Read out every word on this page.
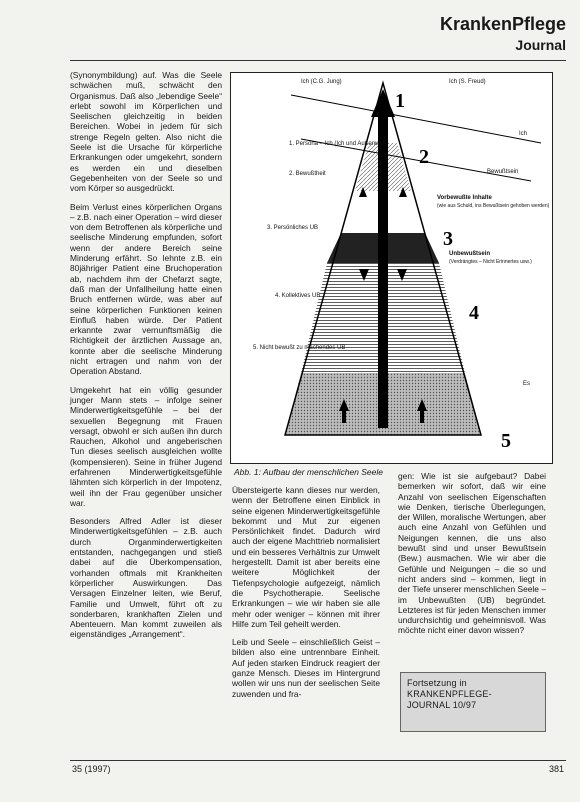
KrankenPflege
Journal

(Synonymbildung) auf. Was die Seele schwächen muß, schwächt den Organismus. Daß also „lebendige Seele“ erlebt sowohl im Körperlichen und Seelischen gleichzeitig in beiden Bereichen. Wobei in jedem für sich strenge Regeln gelten. Also nicht die Seele ist die Ursache für körperliche Erkrankungen oder umgekehrt, sondern es werden ein und dieselben Gegebenheiten von der Seele so und vom Körper so ausgedrückt.

Beim Verlust eines körperlichen Organs – z.B. nach einer Operation – wird dieser von dem Betroffenen als körperliche und seelische Minderung empfunden, sofort wenn der andere Bereich seine Minderung erfährt. So lehnte z.B. ein 80jähriger Patient eine Bruchoperation ab, nachdem ihm der Chefarzt sagte, daß man der Unfallheilung hatte einen Bruch entfernen würde, was aber auf seine körperlichen Funktionen keinen Einfluß haben würde. Der Patient erkannte zwar vernunftsmäßig die Richtigkeit der ärztlichen Aussage an, konnte aber die seelische Minderung nicht ertragen und nahm von der Operation Abstand.

Umgekehrt hat ein völlig gesunder junger Mann stets – infolge seiner Minderwertigkeitsgefühle – bei der sexuellen Begegnung mit Frauen versagt, obwohl er sich außen ihn durch Rauchen, Alkohol und angeberischen Tun dieses seelisch ausgleichen wollte (kompensieren). Seine in früher Jugend erfahrenen Minderwertigkeitsgefühle lähmten sich körperlich in der Impotenz, weil ihn der Frau gegenüber unsicher war.

Besonders Alfred Adler ist dieser Minderwertigkeitsgefühlen – z.B. auch durch Organminderwertigkeiten entstanden, nachgegangen und stieß dabei auf die Überkompensation, vorhanden oftmals mit Krankheiten körperlicher Auswirkungen. Das Versagen Einzelner leiten, wie Beruf, Familie und Umwelt, führt oft zu sonderbaren, krankhaften Zielen und Abenteuern. Man kommt zuweilen als eigenständiges „Arrangement“.

Ich (C.G. Jung)	Ich (S. Freud)
Ich
Bewußtsein
1. Persona – Ich (Ich und Außenwelt)
2. Bewußtheit
Vorbewußte Inhalte
(wie aus Schuld, ins Bewußtsein gehoben werden)
3. Persönliches UB
Unbewußtsein
(Verdrängtes – Nicht Erinnertes usw.)
4. Kollektives UB
5. Nicht bewußt zu machendes UB
Es
1
2
3
4
5
Abb. 1: Aufbau der menschlichen Seele

Übersteigerte kann dieses nur werden, wenn der Betroffene einen Einblick in seine eigenen Minderwertigkeitsgefühle bekommt und Mut zur eigenen Persönlichkeit findet. Dadurch wird auch der eigene Machttrieb normalisiert und ein besseres Verhältnis zur Umwelt hergestellt. Damit ist aber bereits eine weitere Möglichkeit der Tiefenpsychologie aufgezeigt, nämlich die Psychotherapie. Seelische Erkrankungen – wie wir haben sie alle mehr oder weniger – können mit ihrer Hilfe zum Teil geheilt werden.

Leib und Seele – einschließlich Geist – bilden also eine untrennbare Einheit. Auf jeden starken Eindruck reagiert der ganze Mensch. Dieses im Hintergrund wollen wir uns nun der seelischen Seite zuwenden und fra-

gen: Wie ist sie aufgebaut? Dabei bemerken wir sofort, daß wir eine Anzahl von seelischen Eigenschaften wie Denken, tierische Überlegungen, der Willen, moralische Wertungen, aber auch eine Anzahl von Gefühlen und Neigungen kennen, die uns also bewußt sind und unser Bewußtsein (Bew.) ausmachen. Wie wir aber die Gefühle und Neigungen – die so und nicht anders sind – kommen, liegt in der Tiefe unserer menschlichen Seele – im Unbewußten (UB) begründet. Letzteres ist für jeden Menschen immer undurchsichtig und geheimnisvoll. Was möchte nicht einer davon wissen?

Fortsetzung in
KRANKENPFLEGE-
JOURNAL 10/97
35 (1997)	381
